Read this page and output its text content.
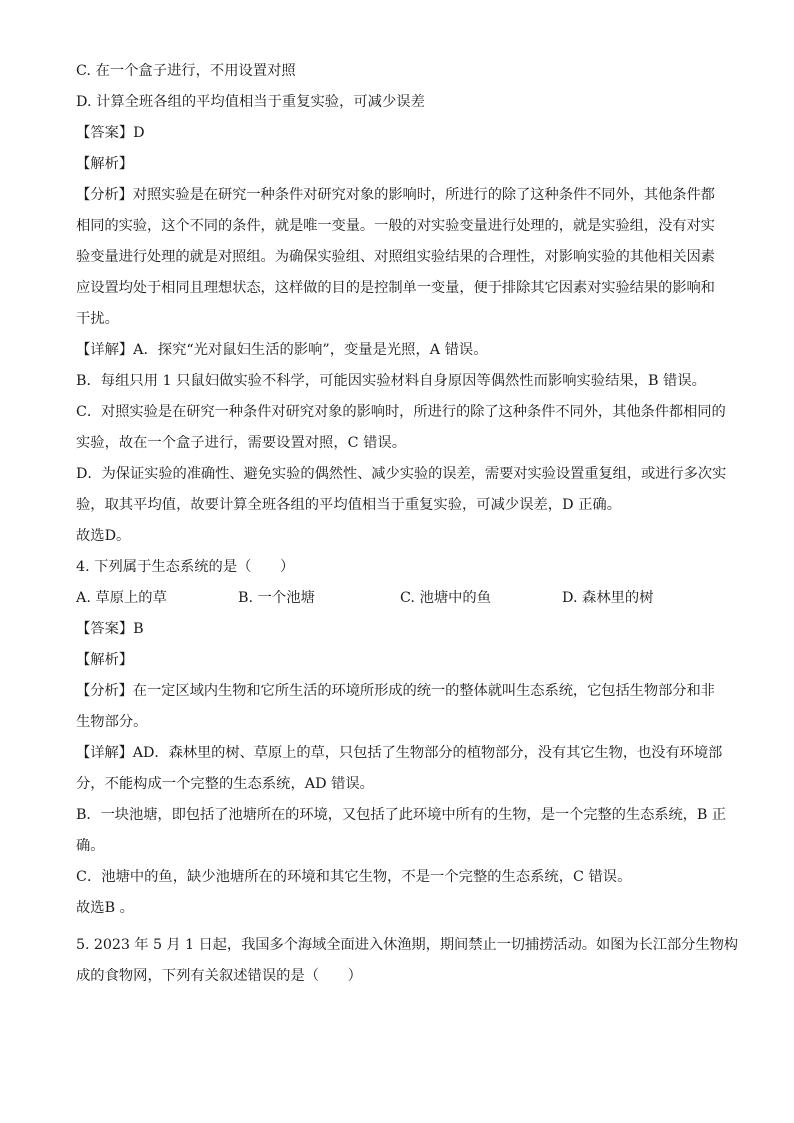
C. 在一个盒子进行，不用设置对照

D. 计算全班各组的平均值相当于重复实验，可减少误差

【答案】D

【解析】

【分析】对照实验是在研究一种条件对研究对象的影响时，所进行的除了这种条件不同外，其他条件都

相同的实验，这个不同的条件，就是唯一变量。一般的对实验变量进行处理的，就是实验组，没有对实

验变量进行处理的就是对照组。为确保实验组、对照组实验结果的合理性，对影响实验的其他相关因素

应设置均处于相同且理想状态，这样做的目的是控制单一变量，便于排除其它因素对实验结果的影响和

干扰。

【详解】A．探究“光对鼠妇生活的影响”，变量是光照，A 错误。

B．每组只用 1 只鼠妇做实验不科学，可能因实验材料自身原因等偶然性而影响实验结果，B 错误。

C．对照实验是在研究一种条件对研究对象的影响时，所进行的除了这种条件不同外，其他条件都相同的

实验，故在一个盒子进行，需要设置对照，C 错误。

D．为保证实验的准确性、避免实验的偶然性、减少实验的误差，需要对实验设置重复组，或进行多次实

验，取其平均值，故要计算全班各组的平均值相当于重复实验，可减少误差，D 正确。

故选D。

4. 下列属于生态系统的是（　　）

A. 草原上的草	B. 一个池塘	C. 池塘中的鱼	D. 森林里的树

【答案】B

【解析】

【分析】在一定区域内生物和它所生活的环境所形成的统一的整体就叫生态系统，它包括生物部分和非

生物部分。

【详解】AD．森林里的树、草原上的草，只包括了生物部分的植物部分，没有其它生物，也没有环境部

分，不能构成一个完整的生态系统，AD 错误。

B．一块池塘，即包括了池塘所在的环境，又包括了此环境中所有的生物，是一个完整的生态系统，B 正

确。

C．池塘中的鱼，缺少池塘所在的环境和其它生物，不是一个完整的生态系统，C 错误。

故选B 。

5. 2023 年 5 月 1 日起，我国多个海域全面进入休渔期，期间禁止一切捕捞活动。如图为长江部分生物构

成的食物网，下列有关叙述错误的是（　　）
